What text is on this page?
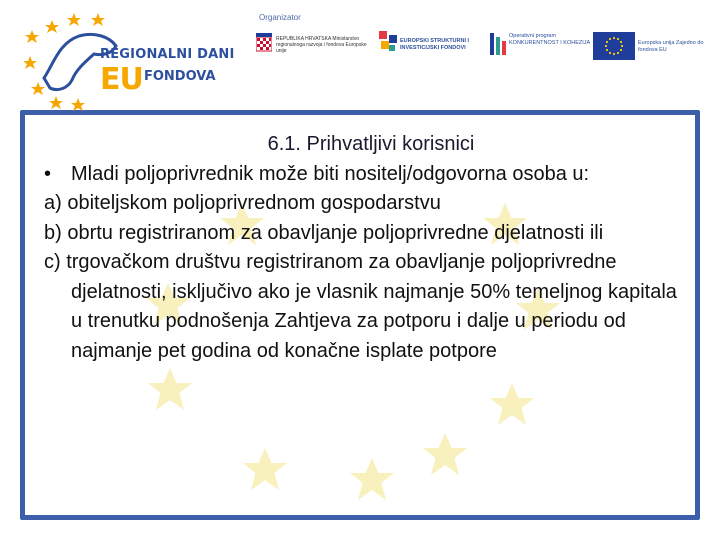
REGIONALNI DANI
EU FONDOVA
Organizator
REPUBLIKA HRVATSKA Ministarstvo regionalnoga razvoja i fondova Europske unije
EUROPSKI STRUKTURNI I INVESTICIJSKI FONDOVI
Operativni program KONKURENTNOST I KOHEZIJA	Europska unija Zajedno do fondova EU
6.1. Prihvatljivi korisnici
• Mladi poljoprivrednik može biti nositelj/odgovorna osoba u:
a) obiteljskom poljoprivrednom gospodarstvu
b) obrtu registriranom za obavljanje poljoprivredne djelatnosti ili
c) trgovačkom društvu registriranom za obavljanje poljoprivredne djelatnosti, isključivo ako je vlasnik najmanje 50% temeljnog kapitala u trenutku podnošenja Zahtjeva za potporu i dalje u periodu od najmanje pet godina od konačne isplate potpore
